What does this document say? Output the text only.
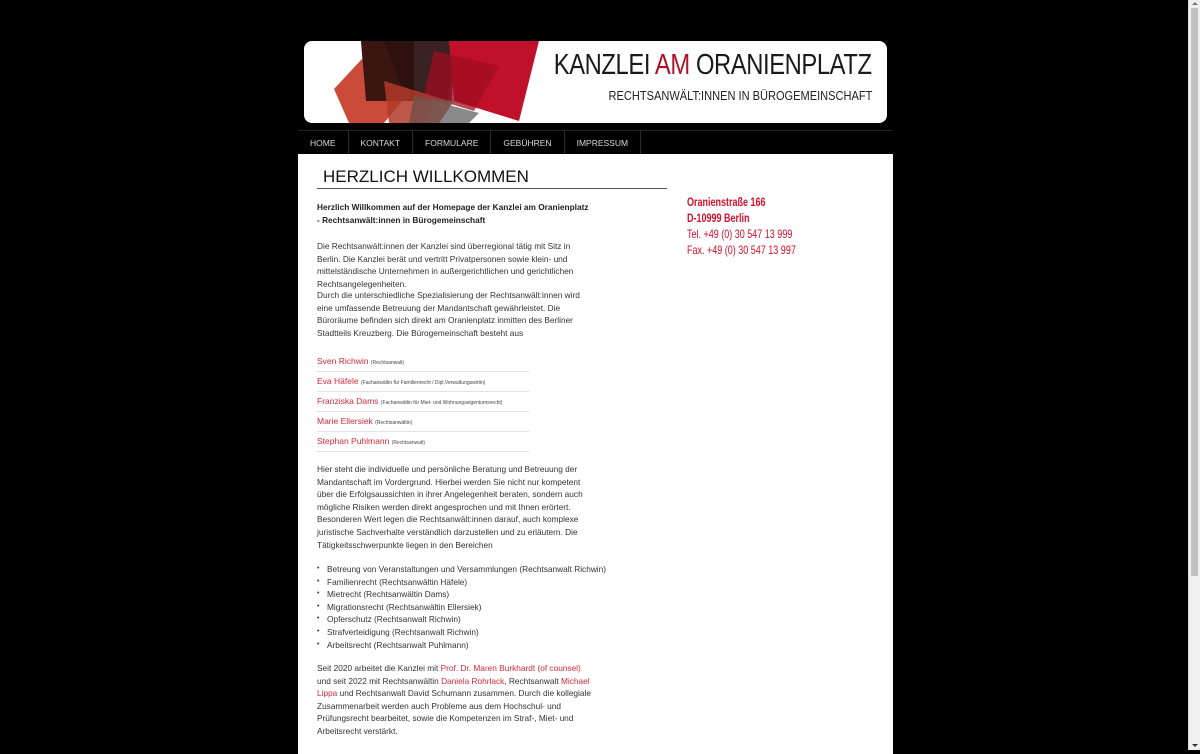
KANZLEI AM ORANIENPLATZ
RECHTSANWÄLT:INNEN IN BÜROGEMEINSCHAFT
HOME	KONTAKT	FORMULARE	GEBÜHREN	IMPRESSUM
HERZLICH WILLKOMMEN
Herzlich Willkommen auf der Homepage der Kanzlei am Oranienplatz - Rechtsanwält:innen in Bürogemeinschaft
Die Rechtsanwält:innen der Kanzlei sind überregional tätig mit Sitz in Berlin. Die Kanzlei berät und vertritt Privatpersonen sowie klein- und mittelständische Unternehmen in außergerichtlichen und gerichtlichen Rechtsangelegenheiten.
Durch die unterschiedliche Spezialisierung der Rechtsanwält:innen wird eine umfassende Betreuung der Mandantschaft gewährleistet. Die Büroräume befinden sich direkt am Oranienplatz inmitten des Berliner Stadtteils Kreuzberg. Die Bürogemeinschaft besteht aus
Sven Richwin (Rechtsanwalt)
Eva Häfele (Fachanwältin für Familienrecht / Dipl.Verwaltungswirtin)
Franziska Dams (Fachanwältin für Miet- und Wohnungseigentumsrecht)
Marie Ellersiek (Rechtsanwältin)
Stephan Puhlmann (Rechtsanwalt)
Hier steht die individuelle und persönliche Beratung und Betreuung der Mandantschaft im Vordergrund. Hierbei werden Sie nicht nur kompetent über die Erfolgsaussichten in ihrer Angelegenheit beraten, sondern auch mögliche Risiken werden direkt angesprochen und mit Ihnen erörtert. Besonderen Wert legen die Rechtsanwält:innen darauf, auch komplexe juristische Sachverhalte verständlich darzustellen und zu erläutern. Die Tätigkeitsschwerpunkte liegen in den Bereichen
• Betreung von Veranstaltungen und Versammlungen (Rechtsanwalt Richwin)
• Familienrecht (Rechtsanwältin Häfele)
• Mietrecht (Rechtsanwältin Dams)
• Migrationsrecht (Rechtsanwältin Ellersiek)
• Opferschutz (Rechtsanwalt Richwin)
• Strafverteidigung (Rechtsanwalt Richwin)
• Arbeitsrecht (Rechtsanwalt Puhlmann)
Seit 2020 arbeitet die Kanzlei mit Prof. Dr. Maren Burkhardt (of counsel) und seit 2022 mit Rechtsanwältin Daniela Rohrlack, Rechtsanwalt Michael Lippa und Rechtsanwalt David Schumann zusammen. Durch die kollegiale Zusammenarbeit werden auch Probleme aus dem Hochschul- und Prüfungsrecht bearbeitet, sowie die Kompetenzen im Straf-, Miet- und Arbeitsrecht verstärkt.
Oranienstraße 166
D-10999 Berlin
Tel. +49 (0) 30 547 13 999
Fax. +49 (0) 30 547 13 997
